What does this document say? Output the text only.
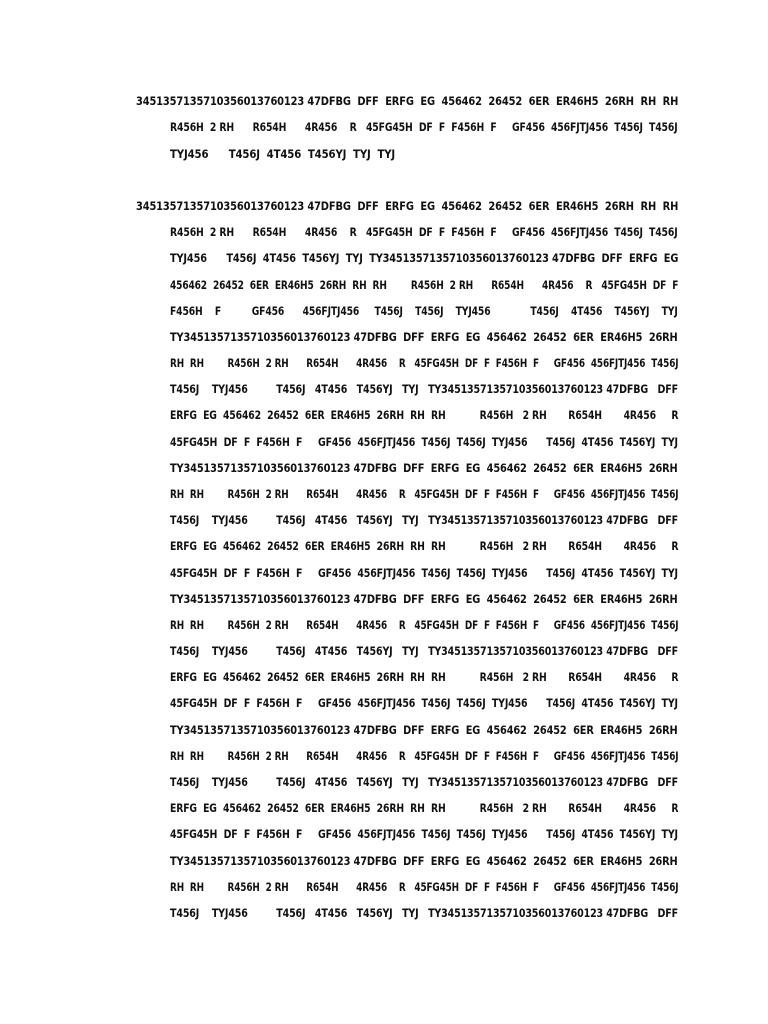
3451357135710356013760123 47DFBG  DFF  ERFG  EG  456462  26452  6ER  ER46H5  26RH  RH  RH
R456H  2 RH      R654H      4R456    R   45FG45H  DF  F  F456H  F     GF456  456FJTJ456  T456J  T456J
TYJ456      T456J  4T456  T456YJ  TYJ  TYJ
3451357135710356013760123 47DFBG  DFF  ERFG  EG  456462  26452  6ER  ER46H5  26RH  RH  RH
R456H  2 RH      R654H      4R456    R   45FG45H  DF  F  F456H  F     GF456  456FJTJ456  T456J  T456J
TYJ456      T456J  4T456  T456YJ  TYJ  TY3451357135710356013760123 47DFBG  DFF  ERFG  EG
456462  26452  6ER  ER46H5  26RH  RH  RH        R456H  2 RH      R654H      4R456    R   45FG45H  DF  F
F456H    F          GF456      456FJTJ456     T456J    T456J    TYJ456             T456J    4T456    T456YJ    TYJ
TY3451357135710356013760123 47DFBG  DFF  ERFG  EG  456462  26452  6ER  ER46H5  26RH
RH  RH        R456H  2 RH      R654H      4R456    R   45FG45H  DF  F  F456H  F     GF456  456FJTJ456  T456J
T456J    TYJ456         T456J   4T456   T456YJ   TYJ   TY3451357135710356013760123 47DFBG   DFF
ERFG  EG  456462  26452  6ER  ER46H5  26RH  RH  RH           R456H   2 RH       R654H       4R456     R
45FG45H  DF  F  F456H  F     GF456  456FJTJ456  T456J  T456J  TYJ456      T456J  4T456  T456YJ  TYJ
TY3451357135710356013760123 47DFBG  DFF  ERFG  EG  456462  26452  6ER  ER46H5  26RH
RH  RH        R456H  2 RH      R654H      4R456    R   45FG45H  DF  F  F456H  F     GF456  456FJTJ456  T456J
T456J    TYJ456         T456J   4T456   T456YJ   TYJ   TY3451357135710356013760123 47DFBG   DFF
ERFG  EG  456462  26452  6ER  ER46H5  26RH  RH  RH           R456H   2 RH       R654H       4R456     R
45FG45H  DF  F  F456H  F     GF456  456FJTJ456  T456J  T456J  TYJ456      T456J  4T456  T456YJ  TYJ
TY3451357135710356013760123 47DFBG  DFF  ERFG  EG  456462  26452  6ER  ER46H5  26RH
RH  RH        R456H  2 RH      R654H      4R456    R   45FG45H  DF  F  F456H  F     GF456  456FJTJ456  T456J
T456J    TYJ456         T456J   4T456   T456YJ   TYJ   TY3451357135710356013760123 47DFBG   DFF
ERFG  EG  456462  26452  6ER  ER46H5  26RH  RH  RH           R456H   2 RH       R654H       4R456     R
45FG45H  DF  F  F456H  F     GF456  456FJTJ456  T456J  T456J  TYJ456      T456J  4T456  T456YJ  TYJ
TY3451357135710356013760123 47DFBG  DFF  ERFG  EG  456462  26452  6ER  ER46H5  26RH
RH  RH        R456H  2 RH      R654H      4R456    R   45FG45H  DF  F  F456H  F     GF456  456FJTJ456  T456J
T456J    TYJ456         T456J   4T456   T456YJ   TYJ   TY3451357135710356013760123 47DFBG   DFF
ERFG  EG  456462  26452  6ER  ER46H5  26RH  RH  RH           R456H   2 RH       R654H       4R456     R
45FG45H  DF  F  F456H  F     GF456  456FJTJ456  T456J  T456J  TYJ456      T456J  4T456  T456YJ  TYJ
TY3451357135710356013760123 47DFBG  DFF  ERFG  EG  456462  26452  6ER  ER46H5  26RH
RH  RH        R456H  2 RH      R654H      4R456    R   45FG45H  DF  F  F456H  F     GF456  456FJTJ456  T456J
T456J    TYJ456         T456J   4T456   T456YJ   TYJ   TY3451357135710356013760123 47DFBG   DFF
